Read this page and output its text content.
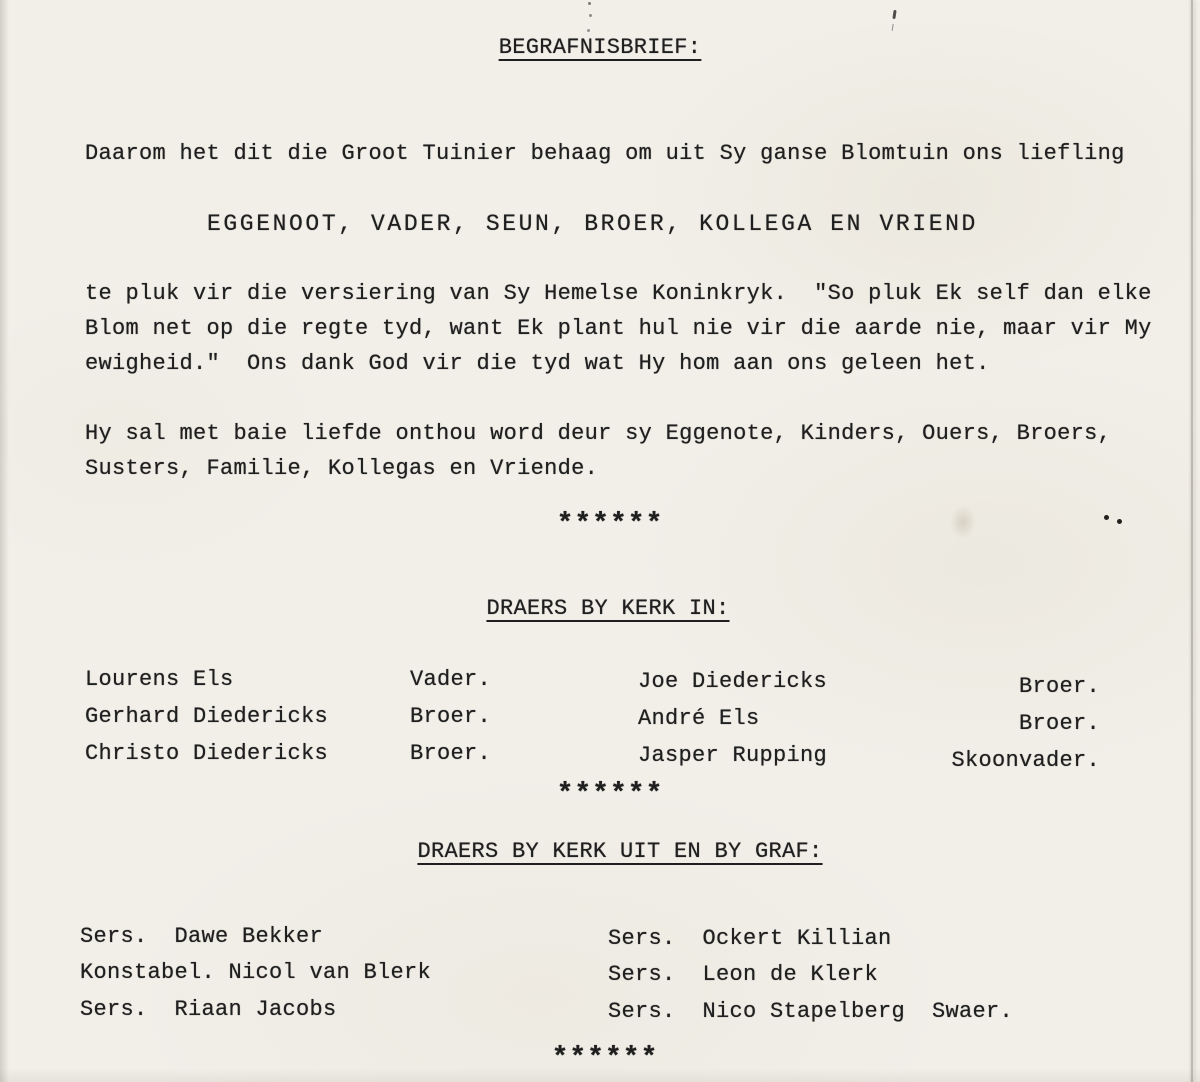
BEGRAFNISBRIEF:
Daarom het dit die Groot Tuinier behaag om uit Sy ganse Blomtuin ons liefling
EGGENOOT, VADER, SEUN, BROER, KOLLEGA EN VRIEND
te pluk vir die versiering van Sy Hemelse Koninkryk.  "So pluk Ek self dan elke
Blom net op die regte tyd, want Ek plant hul nie vir die aarde nie, maar vir My
ewigheid."  Ons dank God vir die tyd wat Hy hom aan ons geleen het.
Hy sal met baie liefde onthou word deur sy Eggenote, Kinders, Ouers, Broers,
Susters, Familie, Kollegas en Vriende.
******
DRAERS BY KERK IN:
Lourens Els	Vader.	Joe Diedericks	Broer.
Gerhard Diedericks	Broer.	André Els	Broer.
Christo Diedericks	Broer.	Jasper Rupping	Skoonvader.
******
DRAERS BY KERK UIT EN BY GRAF:
Sers.  Dawe Bekker	Sers.  Ockert Killian
Konstabel. Nicol van Blerk	Sers.  Leon de Klerk
Sers.  Riaan Jacobs	Sers.  Nico Stapelberg  Swaer.
******
